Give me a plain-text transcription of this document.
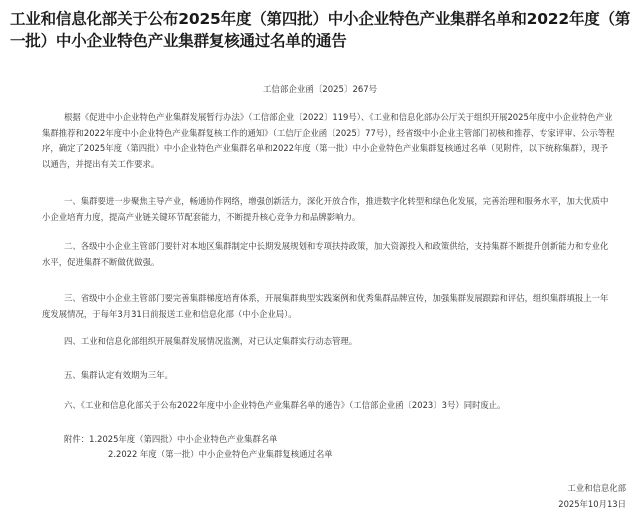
工业和信息化部关于公布2025年度（第四批）中小企业特色产业集群名单和2022年度（第一批）中小企业特色产业集群复核通过名单的通告
工信部企业函〔2025〕267号
根据《促进中小企业特色产业集群发展暂行办法》（工信部企业〔2022〕119号）、《工业和信息化部办公厅关于组织开展2025年度中小企业特色产业集群推荐和2022年度中小企业特色产业集群复核工作的通知》（工信厅企业函〔2025〕77号），经省级中小企业主管部门初核和推荐、专家评审、公示等程序，确定了2025年度（第四批）中小企业特色产业集群名单和2022年度（第一批）中小企业特色产业集群复核通过名单（见附件，以下统称集群），现予以通告，并提出有关工作要求。
一、集群要进一步聚焦主导产业，畅通协作网络，增强创新活力，深化开放合作，推进数字化转型和绿色化发展，完善治理和服务水平，加大优质中小企业培育力度，提高产业链关键环节配套能力，不断提升核心竞争力和品牌影响力。
二、各级中小企业主管部门要针对本地区集群制定中长期发展规划和专项扶持政策，加大资源投入和政策供给，支持集群不断提升创新能力和专业化水平，促进集群不断做优做强。
三、省级中小企业主管部门要完善集群梯度培育体系，开展集群典型实践案例和优秀集群品牌宣传，加强集群发展跟踪和评估，组织集群填报上一年度发展情况，于每年3月31日前报送工业和信息化部（中小企业局）。
四、工业和信息化部组织开展集群发展情况监测，对已认定集群实行动态管理。
五、集群认定有效期为三年。
六、《工业和信息化部关于公布2022年度中小企业特色产业集群名单的通告》（工信部企业函〔2023〕3号）同时废止。
附件：1.2025年度（第四批）中小企业特色产业集群名单
2.2022 年度（第一批）中小企业特色产业集群复核通过名单
工业和信息化部
2025年10月13日
